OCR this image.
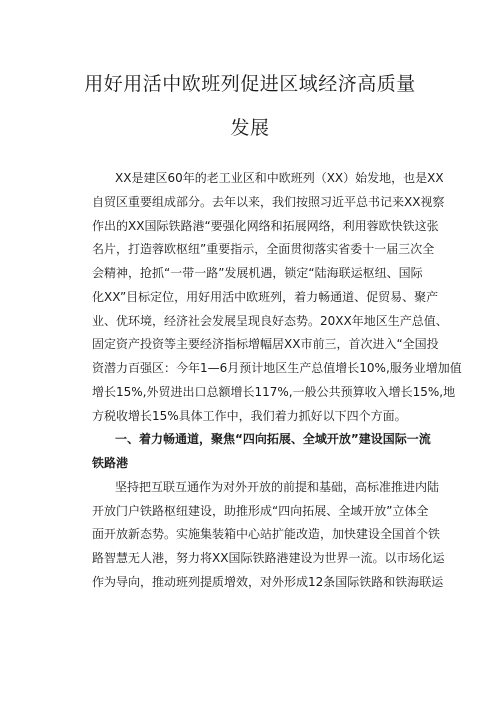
用好用活中欧班列促进区域经济高质量
发展
XX是建区60年的老工业区和中欧班列（XX）始发地，也是XX
自贸区重要组成部分。去年以来，我们按照习近平总书记来XX视察
作出的XX国际铁路港“要强化网络和拓展网络，利用蓉欧快铁这张
名片，打造蓉欧枢纽”重要指示，全面贯彻落实省委十一届三次全
会精神，抢抓“一带一路”发展机遇，锁定“陆海联运枢纽、国际
化XX”目标定位，用好用活中欧班列，着力畅通道、促贸易、聚产
业、优环境，经济社会发展呈现良好态势。20XX年地区生产总值、
固定资产投资等主要经济指标增幅居XX市前三，首次进入“全国投
资潜力百强区：今年1—6月预计地区生产总值增长10%,服务业增加值
增长15%,外贸进出口总额增长117%,一般公共预算收入增长15%,地
方税收增长15%具体工作中，我们着力抓好以下四个方面。
一、着力畅通道，聚焦“四向拓展、全域开放”建设国际一流
铁路港
坚持把互联互通作为对外开放的前提和基础，高标准推进内陆
开放门户铁路枢纽建设，助推形成“四向拓展、全域开放”立体全
面开放新态势。实施集装箱中心站扩能改造，加快建设全国首个铁
路智慧无人港，努力将XX国际铁路港建设为世界一流。以市场化运
作为导向，推动班列提质增效，对外形成12条国际铁路和铁海联运
